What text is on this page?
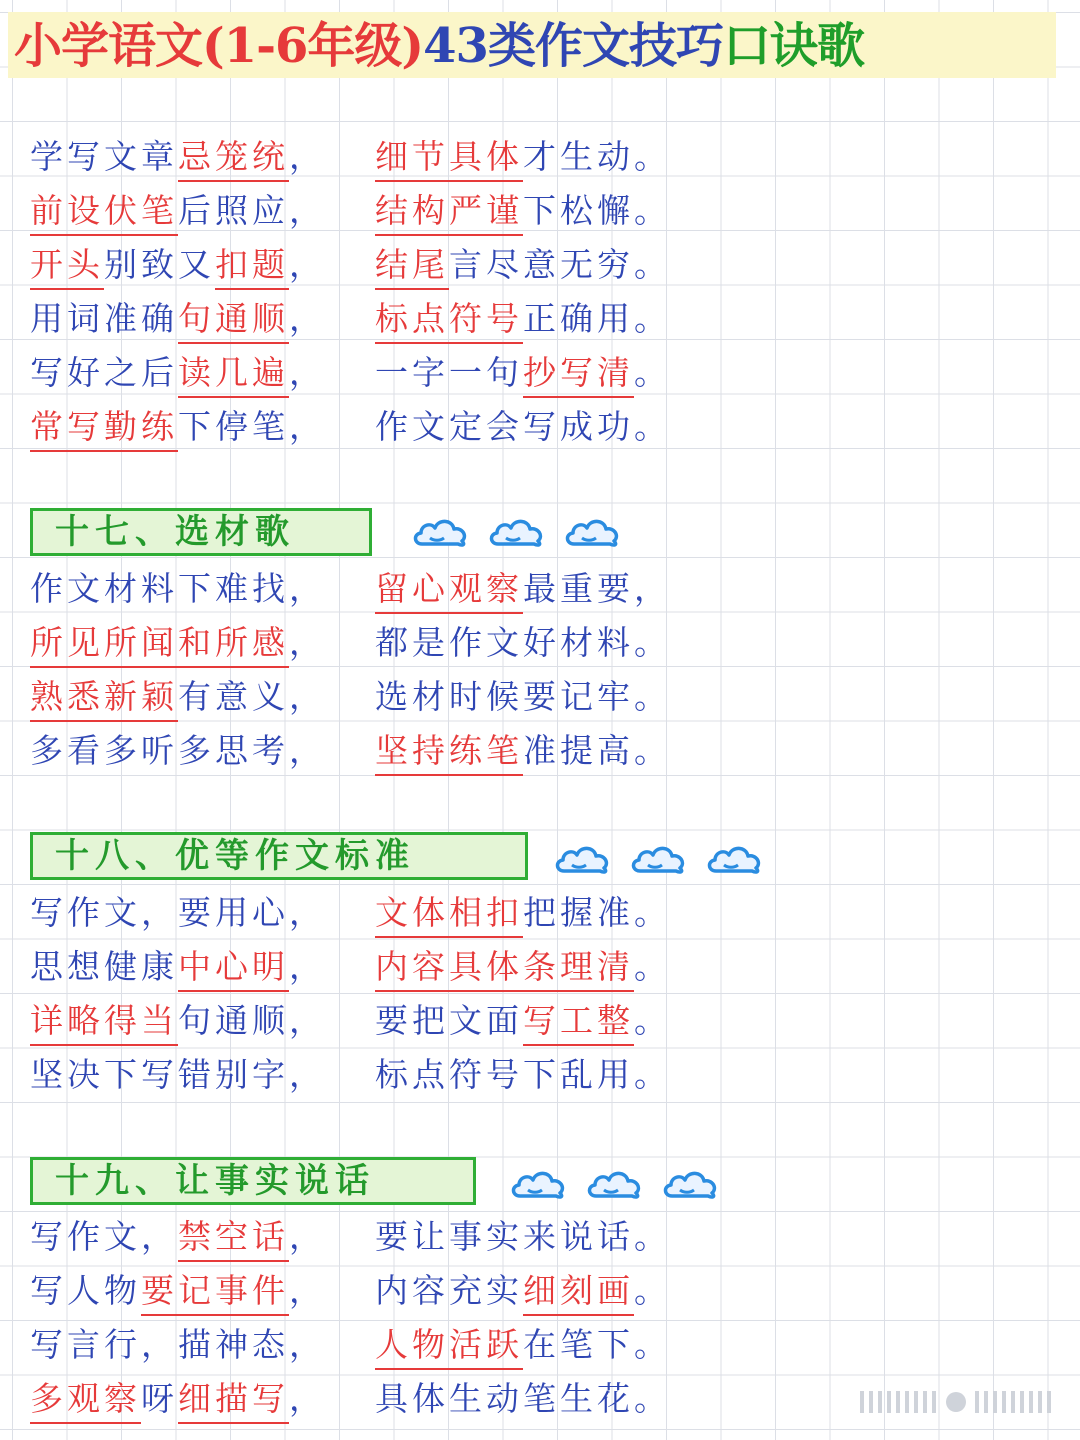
小学语文(1-6年级)43类作文技巧口诀歌
学写文章忌笼统， 细节具体才生动。
前设伏笔后照应， 结构严谨下松懈。
开头别致又扣题， 结尾言尽意无穷。
用词准确句通顺， 标点符号正确用。
写好之后读几遍， 一字一句抄写清。
常写勤练下停笔， 作文定会写成功。
十七、选材歌
作文材料下难找， 留心观察最重要，
所见所闻和所感， 都是作文好材料。
熟悉新颖有意义， 选材时候要记牢。
多看多听多思考， 坚持练笔准提高。
十八、优等作文标准
写作文，要用心， 文体相扣把握准。
思想健康中心明， 内容具体条理清。
详略得当句通顺， 要把文面写工整。
坚决下写错别字， 标点符号下乱用。
十九、让事实说话
写作文，禁空话， 要让事实来说话。
写人物要记事件， 内容充实细刻画。
写言行，描神态， 人物活跃在笔下。
多观察呀细描写， 具体生动笔生花。
